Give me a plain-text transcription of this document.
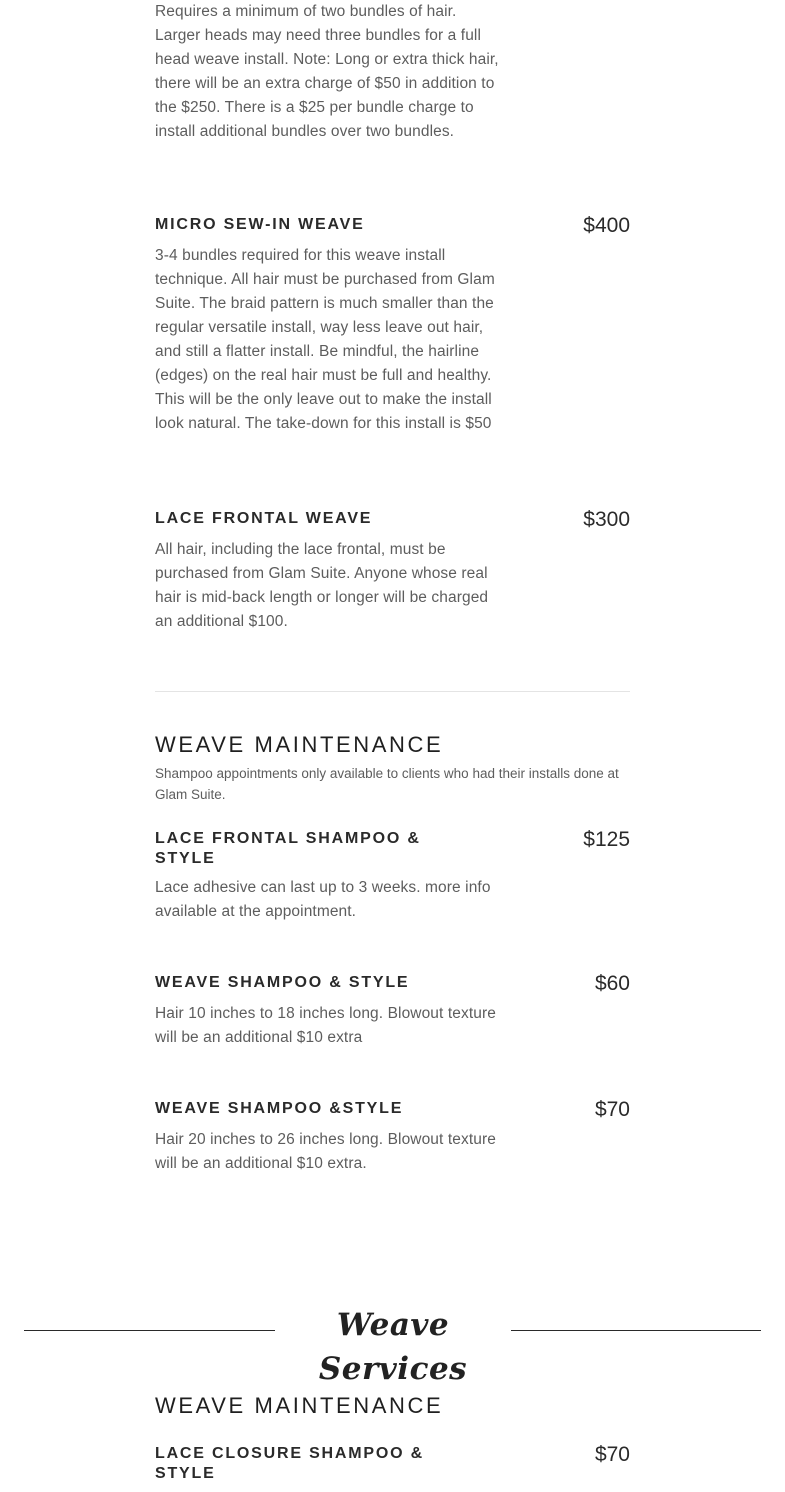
Requires a minimum of two bundles of hair. Larger heads may need three bundles for a full head weave install. Note: Long or extra thick hair, there will be an extra charge of $50 in addition to the $250. There is a $25 per bundle charge to install additional bundles over two bundles.

MICRO SEW-IN WEAVE	$400

3-4 bundles required for this weave install technique. All hair must be purchased from Glam Suite. The braid pattern is much smaller than the regular versatile install, way less leave out hair, and still a flatter install. Be mindful, the hairline (edges) on the real hair must be full and healthy. This will be the only leave out to make the install look natural. The take-down for this install is $50

LACE FRONTAL WEAVE	$300

All hair, including the lace frontal, must be purchased from Glam Suite. Anyone whose real hair is mid-back length or longer will be charged an additional $100.

WEAVE MAINTENANCE

Shampoo appointments only available to clients who had their installs done at Glam Suite.

LACE FRONTAL SHAMPOO & STYLE
$125

Lace adhesive can last up to 3 weeks. more info available at the appointment.

WEAVE SHAMPOO & STYLE	$60

Hair 10 inches to 18 inches long. Blowout texture will be an additional $10 extra

WEAVE SHAMPOO &STYLE	$70

Hair 20 inches to 26 inches long. Blowout texture will be an additional $10 extra.

Weave Services
WEAVE MAINTENANCE
LACE CLOSURE SHAMPOO & STYLE
$70
